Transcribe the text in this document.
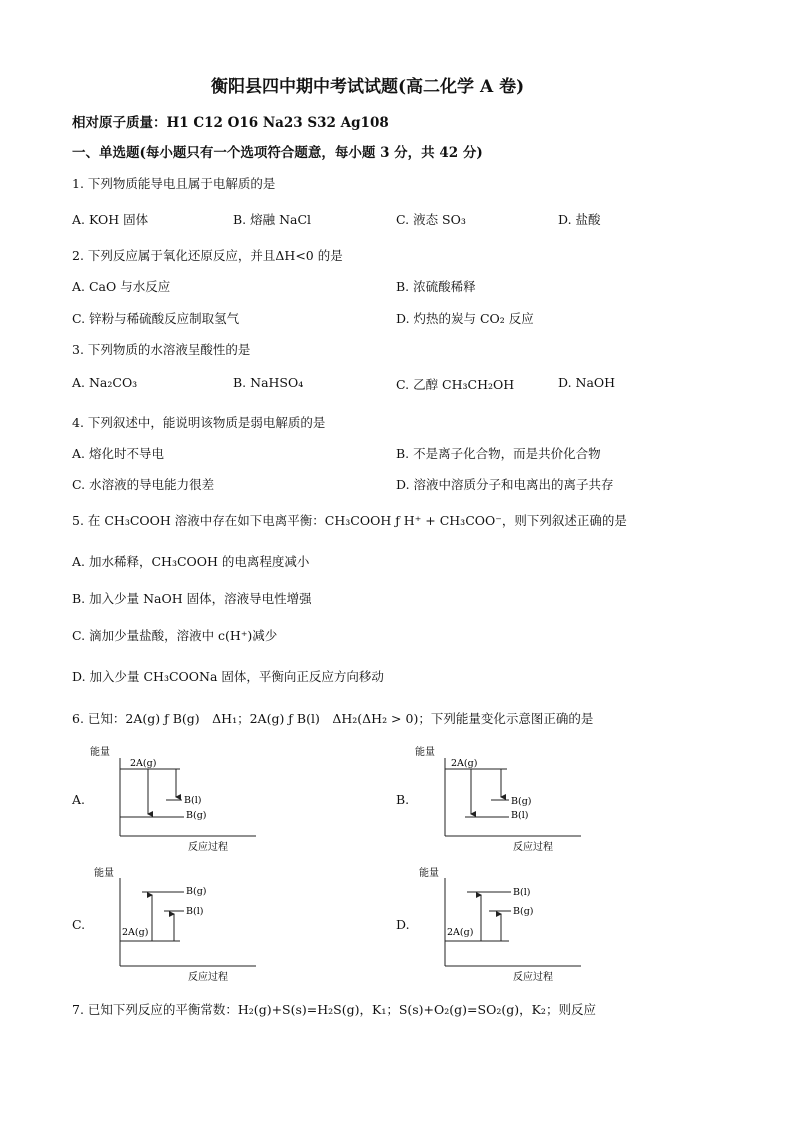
衡阳县四中期中考试试题(高二化学 A 卷)
相对原子质量：H1 C12 O16 Na23 S32 Ag108
一、单选题(每小题只有一个选项符合题意，每小题 3 分，共 42 分)
1. 下列物质能导电且属于电解质的是
A. KOH 固体	B. 熔融 NaCl	C. 液态 SO₃	D. 盐酸
2. 下列反应属于氧化还原反应，并且ΔH<0 的是
A. CaO 与水反应	B. 浓硫酸稀释
C. 锌粉与稀硫酸反应制取氢气	D. 灼热的炭与 CO₂ 反应
3. 下列物质的水溶液呈酸性的是
A. Na₂CO₃	B. NaHSO₄	C. 乙醇 CH₃CH₂OH	D. NaOH
4. 下列叙述中，能说明该物质是弱电解质的是
A. 熔化时不导电	B. 不是离子化合物，而是共价化合物
C. 水溶液的导电能力很差	D. 溶液中溶质分子和电离出的离子共存
5. 在 CH₃COOH 溶液中存在如下电离平衡：CH₃COOH ƒ H⁺ + CH₃COO⁻，则下列叙述正确的是
A. 加水稀释，CH₃COOH 的电离程度减小
B. 加入少量 NaOH 固体，溶液导电性增强
C. 滴加少量盐酸，溶液中 c(H⁺)减少
D. 加入少量 CH₃COONa 固体，平衡向正反应方向移动
6. 已知：2A(g) ƒ B(g)　ΔH₁；2A(g) ƒ B(l)　ΔH₂(ΔH₂ > 0)；下列能量变化示意图正确的是
A.
能量
反应过程
2A(g)
B(l)
B(g)
B.
能量
反应过程
2A(g)
B(g)
B(l)
C.
能量
反应过程
B(g)
B(l)
2A(g)
D.
能量
反应过程
B(l)
B(g)
2A(g)
7. 已知下列反应的平衡常数：H₂(g)+S(s)=H₂S(g)，K₁；S(s)+O₂(g)=SO₂(g)，K₂；则反应
